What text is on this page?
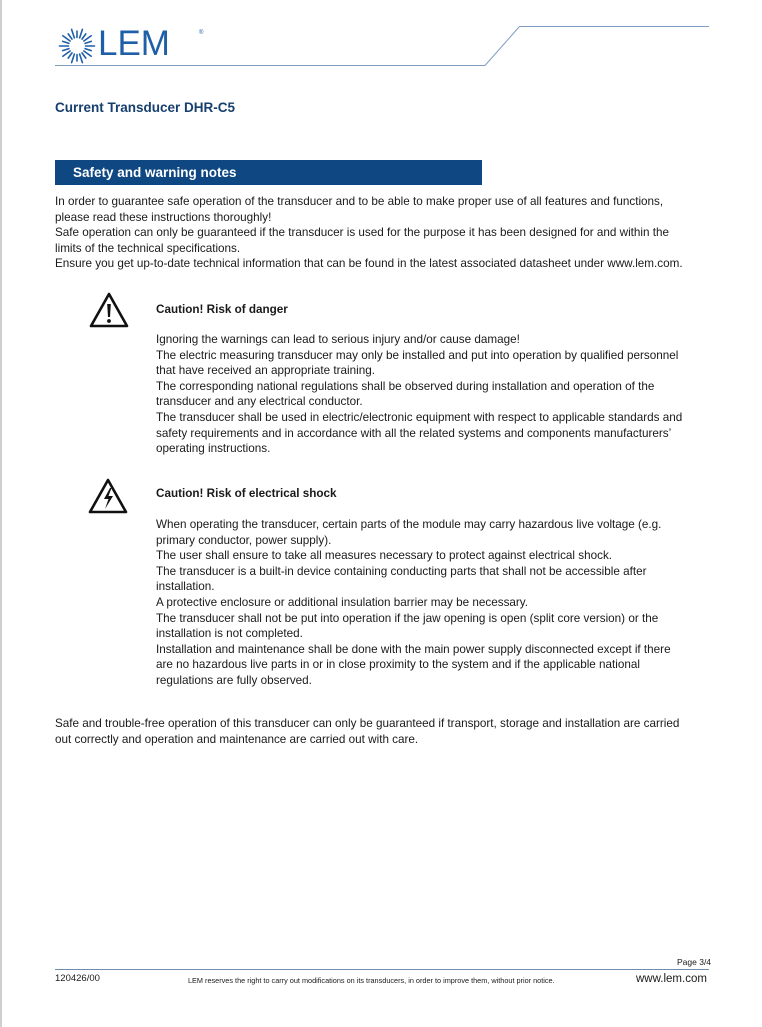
LEM	®
Current Transducer DHR-C5
Safety and warning notes
In order to guarantee safe operation of the transducer and to be able to make proper use of all features and functions,
please read these instructions thoroughly!
Safe operation can only be guaranteed if the transducer is used for the purpose it has been designed for and within the
limits of the technical specifications.
Ensure you get up-to-date technical information that can be found in the latest associated datasheet under www.lem.com.
Caution! Risk of danger
Ignoring the warnings can lead to serious injury and/or cause damage!
The electric measuring transducer may only be installed and put into operation by qualified personnel
that have received an appropriate training.
The corresponding national regulations shall be observed during installation and operation of the
transducer and any electrical conductor.
The transducer shall be used in electric/electronic equipment with respect to applicable standards and
safety requirements and in accordance with all the related systems and components manufacturers’
operating instructions.
Caution! Risk of electrical shock
When operating the transducer, certain parts of the module may carry hazardous live voltage (e.g.
primary conductor, power supply).
The user shall ensure to take all measures necessary to protect against electrical shock.
The transducer is a built-in device containing conducting parts that shall not be accessible after
installation.
A protective enclosure or additional insulation barrier may be necessary.
The transducer shall not be put into operation if the jaw opening is open (split core version) or the
installation is not completed.
Installation and maintenance shall be done with the main power supply disconnected except if there
are no hazardous live parts in or in close proximity to the system and if the applicable national
regulations are fully observed.
Safe and trouble-free operation of this transducer can only be guaranteed if transport, storage and installation are carried
out correctly and operation and maintenance are carried out with care.
Page 3/4
120426/00	LEM reserves the right to carry out modifications on its transducers, in order to improve them, without prior notice.	www.lem.com
